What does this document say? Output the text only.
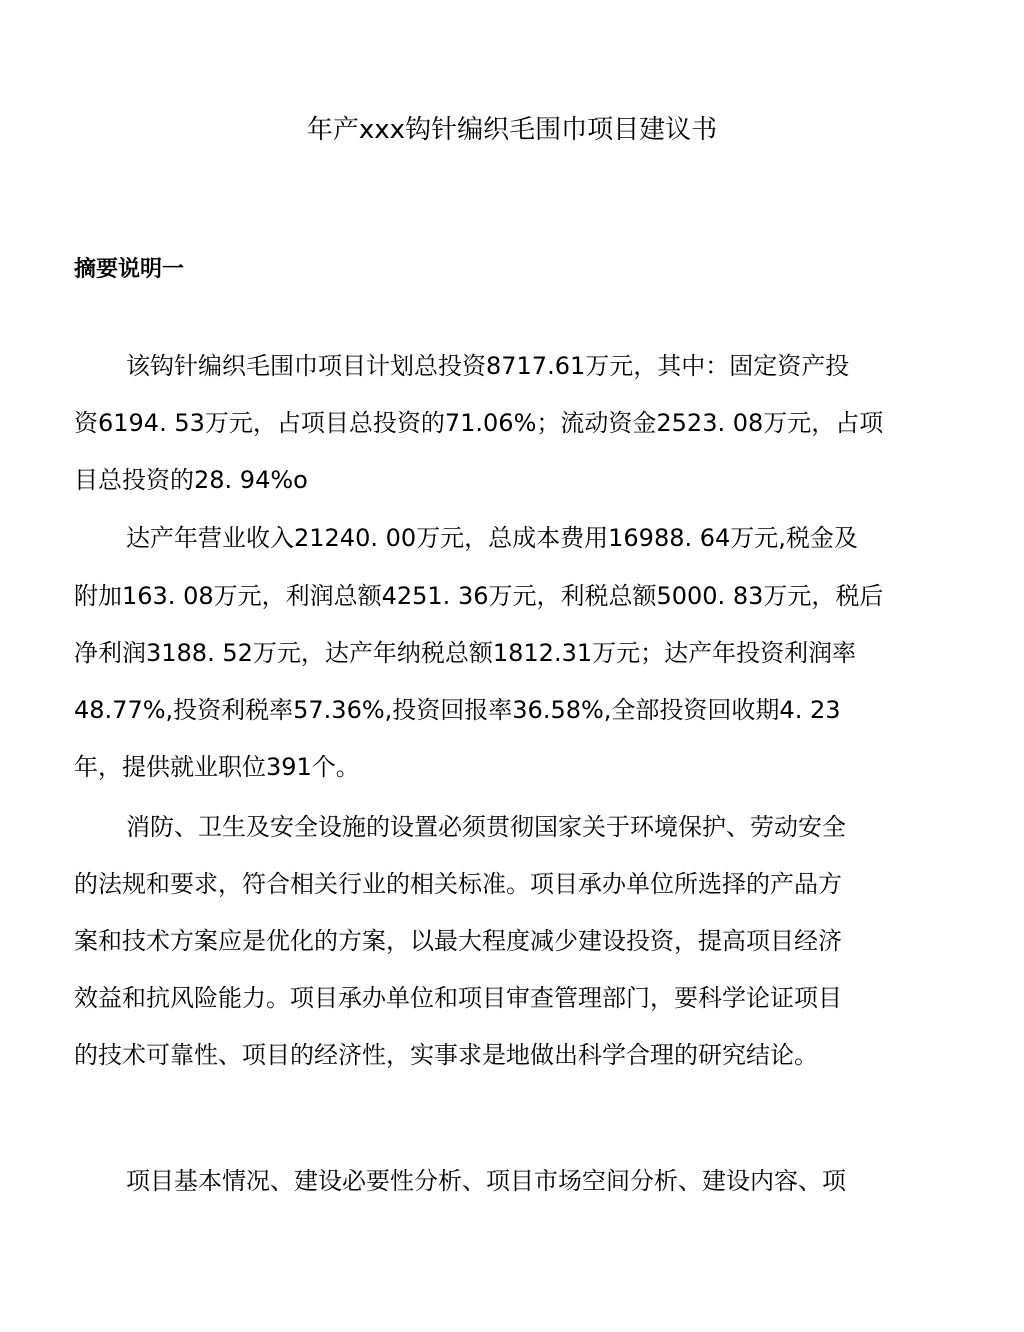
年产xxx钩针编织毛围巾项目建议书
摘要说明一
该钩针编织毛围巾项目计划总投资8717.61万元，其中：固定资产投
资6194. 53万元，占项目总投资的71.06%；流动资金2523. 08万元，占项
目总投资的28. 94%o
达产年营业收入21240. 00万元，总成本费用16988. 64万元,税金及
附加163. 08万元，利润总额4251. 36万元，利税总额5000. 83万元，税后
净利润3188. 52万元，达产年纳税总额1812.31万元；达产年投资利润率
48.77%,投资利税率57.36%,投资回报率36.58%,全部投资回收期4. 23
年，提供就业职位391个。
消防、卫生及安全设施的设置必须贯彻国家关于环境保护、劳动安全
的法规和要求，符合相关行业的相关标准。项目承办单位所选择的产品方
案和技术方案应是优化的方案，以最大程度减少建设投资，提高项目经济
效益和抗风险能力。项目承办单位和项目审查管理部门，要科学论证项目
的技术可靠性、项目的经济性，实事求是地做出科学合理的研究结论。
项目基本情况、建设必要性分析、项目市场空间分析、建设内容、项
